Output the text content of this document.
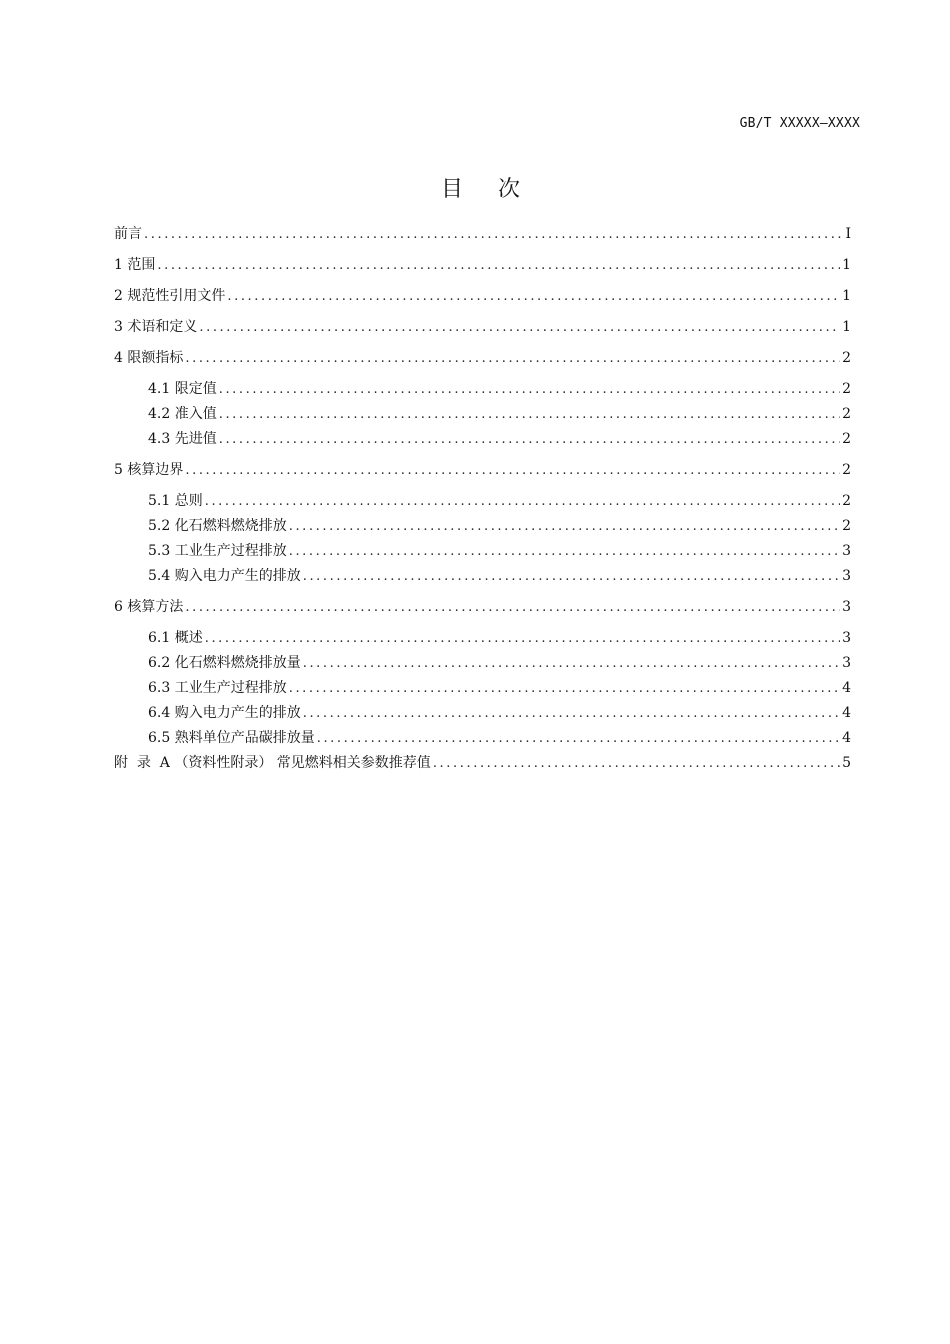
GB/T XXXXX—XXXX
目 次
前言 .....	I
1 范围 .....	1
2 规范性引用文件 .....	1
3 术语和定义 .....	1
4 限额指标 .....	2
4.1 限定值 .....	2
4.2 准入值 .....	2
4.3 先进值 .....	2
5 核算边界 .....	2
5.1 总则 .....	2
5.2 化石燃料燃烧排放 .....	2
5.3 工业生产过程排放 .....	3
5.4 购入电力产生的排放 .....	3
6 核算方法 .....	3
6.1 概述 .....	3
6.2 化石燃料燃烧排放量 .....	3
6.3 工业生产过程排放 .....	4
6.4 购入电力产生的排放 .....	4
6.5 熟料单位产品碳排放量 .....	4
附  录  A （资料性附录） 常见燃料相关参数推荐值 .....	5
